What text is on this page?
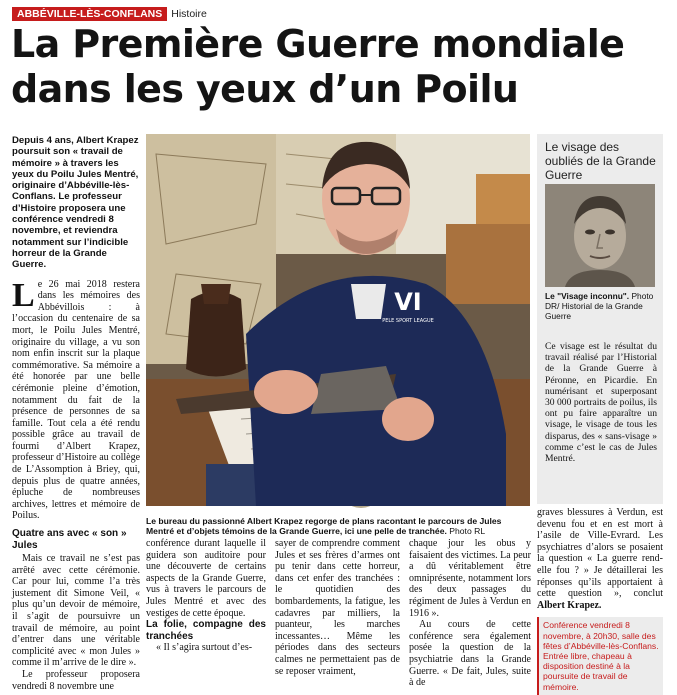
ABBÉVILLE-LÈS-CONFLANS Histoire
La Première Guerre mondiale dans les yeux d’un Poilu

Depuis 4 ans, Albert Krapez poursuit son « travail de mémoire » à travers les yeux du Poilu Jules Mentré, originaire d’Abbéville-lès-Conflans. Le professeur d’Histoire proposera une conférence vendredi 8 novembre, et reviendra notamment sur l’indicible horreur de la Grande Guerre.

Le 26 mai 2018 restera dans les mémoires des Abbévillois : à l’occasion du centenaire de sa mort, le Poilu Jules Mentré, originaire du village, a vu son nom enfin inscrit sur la plaque commémorative. Sa mémoire a été honorée par une belle cérémonie pleine d’émotion, notamment du fait de la présence de personnes de sa famille. Tout cela a été rendu possible grâce au travail de fourmi d’Albert Krapez, professeur d’Histoire au collège de L’Assomption à Briey, qui, depuis plus de quatre années, épluche de nombreuses archives, lettres et mémoire de Poilus.

Quatre ans avec « son » Jules

Mais ce travail ne s’est pas arrêté avec cette cérémonie. Car pour lui, comme l’a très justement dit Simone Veil, « plus qu’un devoir de mémoire, il s’agit de poursuivre un travail de mémoire, au point d’entrer dans une véritable complicité avec « mon Jules » comme il m’arrive de le dire ».

Le professeur proposera vendredi 8 novembre une

VI
PELE SPORT LEAGUE

Le bureau du passionné Albert Krapez regorge de plans racontant le parcours de Jules Mentré et d’objets témoins de la Grande Guerre, ici une pelle de tranchée. Photo RL

Le visage des oubliés de la Grande Guerre

Le "Visage inconnu". Photo DR/ Historial de la Grande Guerre

Ce visage est le résultat du travail réalisé par l’Historial de la Grande Guerre à Péronne, en Picardie. En numérisant et superposant 30 000 portraits de poilus, ils ont pu faire apparaître un visage, le visage de tous les disparus, des « sans-visage » comme c’est le cas de Jules Mentré.

conférence durant laquelle il guidera son auditoire pour une découverte de certains aspects de la Grande Guerre, vus à travers le parcours de Jules Mentré et avec des vestiges de cette époque.

La folie, compagne des tranchées

« Il s’agira surtout d’es-

sayer de comprendre comment Jules et ses frères d’armes ont pu tenir dans cette horreur, dans cet enfer des tranchées : le quotidien des bombardements, la fatigue, les cadavres par milliers, la puanteur, les marches incessantes… Même les périodes dans des secteurs calmes ne permettaient pas de se reposer vraiment,

chaque jour les obus y faisaient des victimes. La peur a dû véritablement être omniprésente, notamment lors des deux passages du régiment de Jules à Verdun en 1916 ».

Au cours de cette conférence sera également posée la question de la psychiatrie dans la Grande Guerre. « De fait, Jules, suite à de

graves blessures à Verdun, est devenu fou et en est mort à l’asile de Ville-Evrard. Les psychiatres d’alors se posaient la question « La guerre rend-elle fou ? » Je détaillerai les réponses qu’ils apportaient à cette question », conclut Albert Krapez.

Conférence vendredi 8 novembre, à 20h30, salle des fêtes d’Abbéville-lès-Conflans. Entrée libre, chapeau à disposition destiné à la poursuite de travail de mémoire.
